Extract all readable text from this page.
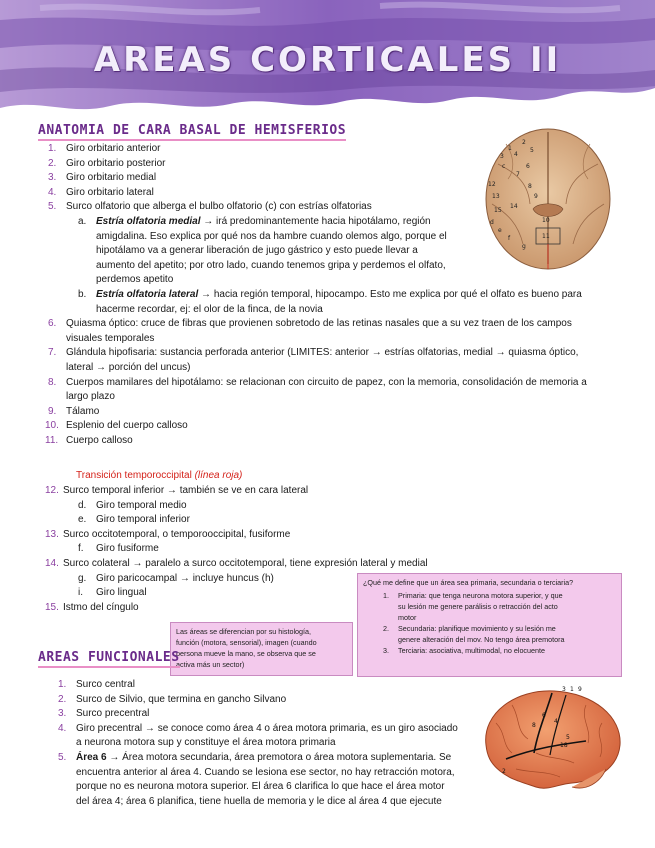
AREAS CORTICALES II
ANATOMIA DE CARA BASAL DE HEMISFERIOS
1. Giro orbitario anterior
2. Giro orbitario posterior
3. Giro orbitario medial
4. Giro orbitario lateral
5. Surco olfatorio que alberga el bulbo olfatorio (c) con estrías olfatorias
a. Estría olfatoria medial → irá predominantemente hacia hipotálamo, región
amigdalina. Eso explica por qué nos da hambre cuando olemos algo, porque el
hipotálamo va a generar liberación de jugo gástrico y esto puede llevar a
aumento del apetito; por otro lado, cuando tenemos gripa y perdemos el olfato,
perdemos apetito
b. Estría olfatoria lateral → hacia región temporal, hipocampo. Esto me explica por qué el olfato es bueno para
hacerme recordar, ej: el olor de la finca, de la novia
6. Quiasma óptico: cruce de fibras que provienen sobretodo de las retinas nasales que a su vez traen de los campos
visuales temporales
7. Glándula hipofisaria: sustancia perforada anterior (LIMITES: anterior → estrías olfatorias, medial → quiasma óptico,
lateral → porción del uncus)
8. Cuerpos mamilares del hipotálamo: se relacionan con circuito de papez, con la memoria, consolidación de memoria a
largo plazo
9. Tálamo
10. Esplenio del cuerpo calloso
11. Cuerpo calloso
Transición temporoccipital (línea roja)
12. Surco temporal inferior → también se ve en cara lateral
d. Giro temporal medio
e. Giro temporal inferior
13. Surco occitotemporal, o temporooccipital, fusiforme
f. Giro fusiforme
14. Surco colateral → paralelo a surco occitotemporal, tiene expresión lateral y medial
g. Giro paricocampal → incluye huncus (h)
i. Giro lingual
15. Istmo del cíngulo
¿Qué me define que un área sea primaria, secundaria o terciaria?
1. Primaria: que tenga neurona motora superior, y que
su lesión me genere parálisis o retracción del acto
motor
2. Secundaria: planifique movimiento y su lesión me
genere alteración del mov. No tengo área premotora
3. Terciaria: asociativa, multimodal, no elocuente
Las áreas se diferencian por su histología,
función (motora, sensorial), imagen (cuando
persona mueve la mano, se observa que se
activa más un sector)
AREAS FUNCIONALES
1. Surco central
2. Surco de Silvio, que termina en gancho Silvano
3. Surco precentral
4. Giro precentral → se conoce como área 4 o área motora primaria, es un giro asociado
a neurona motora sup y constituye el área motora primaria
5. Área 6 → Área motora secundaria, área premotora o área motora suplementaria. Se
encuentra anterior al área 4. Cuando se lesiona ese sector, no hay retracción motora,
porque no es neurona motora superior. El área 6 clarifica lo que hace el área motor
del área 4; área 6 planifica, tiene huella de memoria y le dice al área 4 que ejecute
1
2
3 4
5
6
7
8
9
10
11
12
13
14
15
c
d
e
f
g
3 1 9
2
5
4
6
8
18
